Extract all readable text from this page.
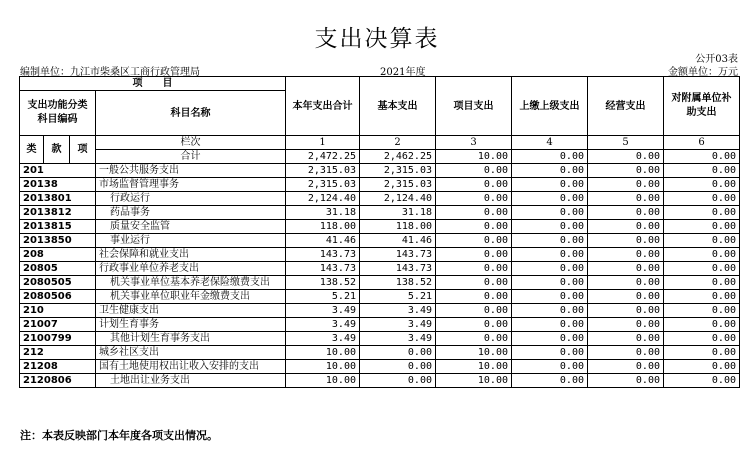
支出决算表
公开03表
编制单位：九江市柴桑区工商行政管理局	2021年度	金额单位：万元
项　　目				本年支出合计	基本支出	项目支出	上缴上级支出	经营支出	对附属单位补助支出
支出功能分类科目编码			科目名称						

类	款	项	栏次	1	2	3	4	5	6
			合计	2,472.25	2,462.25	10.00	0.00	0.00	0.00
201			一般公共服务支出	2,315.03	2,315.03	0.00	0.00	0.00	0.00
20138			市场监督管理事务	2,315.03	2,315.03	0.00	0.00	0.00	0.00
2013801			行政运行	2,124.40	2,124.40	0.00	0.00	0.00	0.00
2013812			药品事务	31.18	31.18	0.00	0.00	0.00	0.00
2013815			质量安全监管	118.00	118.00	0.00	0.00	0.00	0.00
2013850			事业运行	41.46	41.46	0.00	0.00	0.00	0.00
208			社会保障和就业支出	143.73	143.73	0.00	0.00	0.00	0.00
20805			行政事业单位养老支出	143.73	143.73	0.00	0.00	0.00	0.00
2080505			机关事业单位基本养老保险缴费支出	138.52	138.52	0.00	0.00	0.00	0.00
2080506			机关事业单位职业年金缴费支出	5.21	5.21	0.00	0.00	0.00	0.00
210			卫生健康支出	3.49	3.49	0.00	0.00	0.00	0.00
21007			计划生育事务	3.49	3.49	0.00	0.00	0.00	0.00
2100799			其他计划生育事务支出	3.49	3.49	0.00	0.00	0.00	0.00
212			城乡社区支出	10.00	0.00	10.00	0.00	0.00	0.00
21208			国有土地使用权出让收入安排的支出	10.00	0.00	10.00	0.00	0.00	0.00
2120806			土地出让业务支出	10.00	0.00	10.00	0.00	0.00	0.00
注：本表反映部门本年度各项支出情况。
